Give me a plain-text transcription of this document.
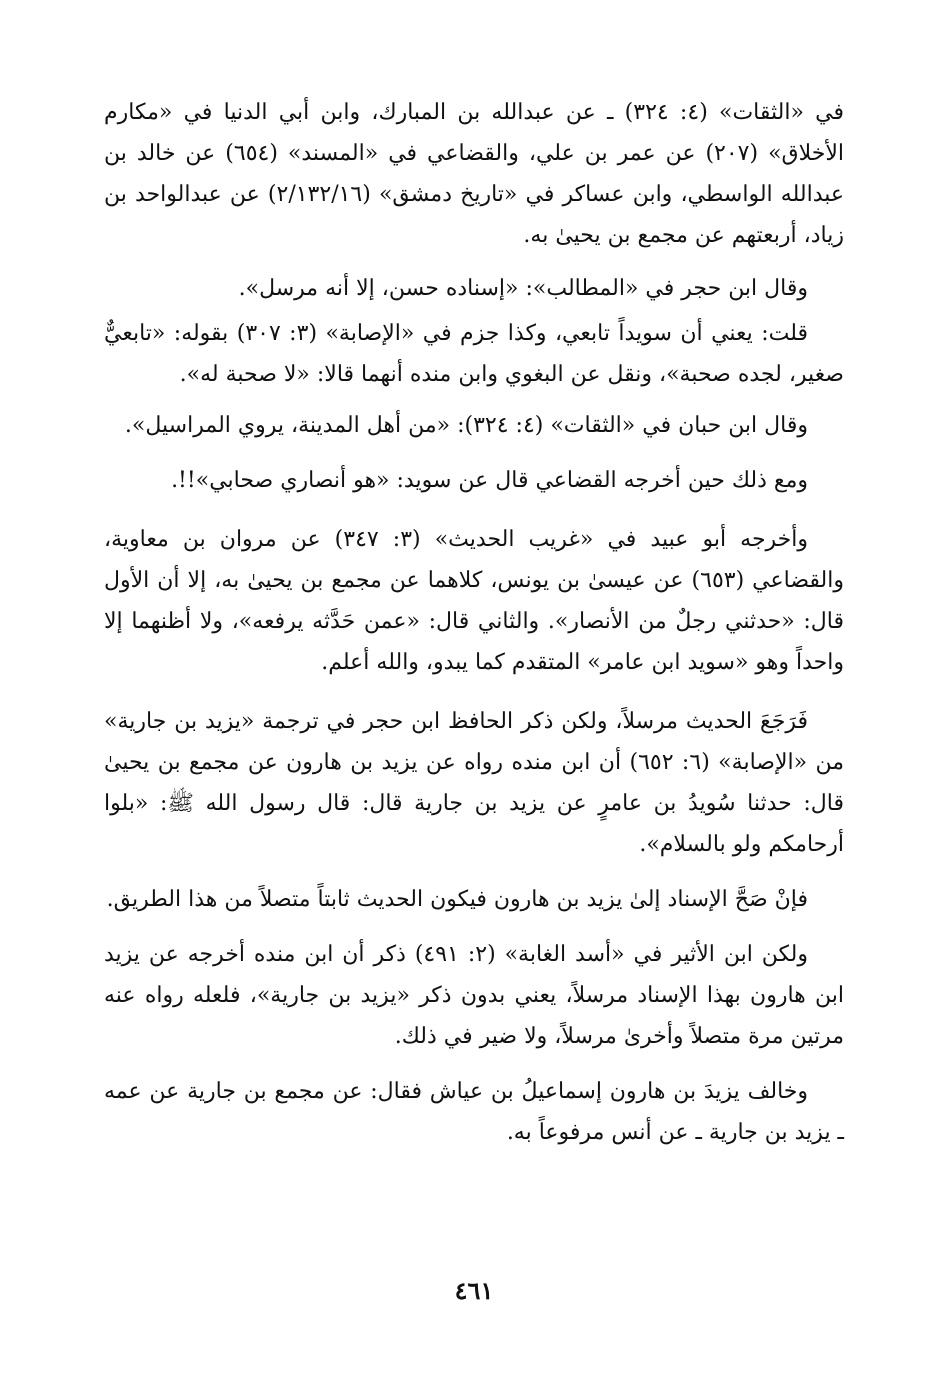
في «الثقات» (٤: ٣٢٤) ـ عن عبدالله بن المبارك، وابن أبي الدنيا في «مكارم الأخلاق» (٢٠٧) عن عمر بن علي، والقضاعي في «المسند» (٦٥٤) عن خالد بن عبدالله الواسطي، وابن عساكر في «تاريخ دمشق» (٢/١٣٢/١٦) عن عبدالواحد بن زياد، أربعتهم عن مجمع بن يحيىٰ به.

وقال ابن حجر في «المطالب»: «إسناده حسن، إلا أنه مرسل».

قلت: يعني أن سويداً تابعي، وكذا جزم في «الإصابة» (٣: ٣٠٧) بقوله: «تابعيٌّ صغير، لجده صحبة»، ونقل عن البغوي وابن منده أنهما قالا: «لا صحبة له».

وقال ابن حبان في «الثقات» (٤: ٣٢٤): «من أهل المدينة، يروي المراسيل».

ومع ذلك حين أخرجه القضاعي قال عن سويد: «هو أنصاري صحابي»!!.

وأخرجه أبو عبيد في «غريب الحديث» (٣: ٣٤٧) عن مروان بن معاوية، والقضاعي (٦٥٣) عن عيسىٰ بن يونس، كلاهما عن مجمع بن يحيىٰ به، إلا أن الأول قال: «حدثني رجلٌ من الأنصار». والثاني قال: «عمن حَدَّثه يرفعه»، ولا أظنهما إلا واحداً وهو «سويد ابن عامر» المتقدم كما يبدو، والله أعلم.

فَرَجَعَ الحديث مرسلاً، ولكن ذكر الحافظ ابن حجر في ترجمة «يزيد بن جارية» من «الإصابة» (٦: ٦٥٢) أن ابن منده رواه عن يزيد بن هارون عن مجمع بن يحيىٰ قال: حدثنا سُويدُ بن عامرٍ عن يزيد بن جارية قال: قال رسول الله ﷺ: «بلوا أرحامكم ولو بالسلام».

فإنْ صَحَّ الإسناد إلىٰ يزيد بن هارون فيكون الحديث ثابتاً متصلاً من هذا الطريق.

ولكن ابن الأثير في «أسد الغابة» (٢: ٤٩١) ذكر أن ابن منده أخرجه عن يزيد ابن هارون بهذا الإسناد مرسلاً، يعني بدون ذكر «يزيد بن جارية»، فلعله رواه عنه مرتين مرة متصلاً وأخرىٰ مرسلاً، ولا ضير في ذلك.

وخالف يزيدَ بن هارون إسماعيلُ بن عياش فقال: عن مجمع بن جارية عن عمه ـ يزيد بن جارية ـ عن أنس مرفوعاً به.

٤٦١
